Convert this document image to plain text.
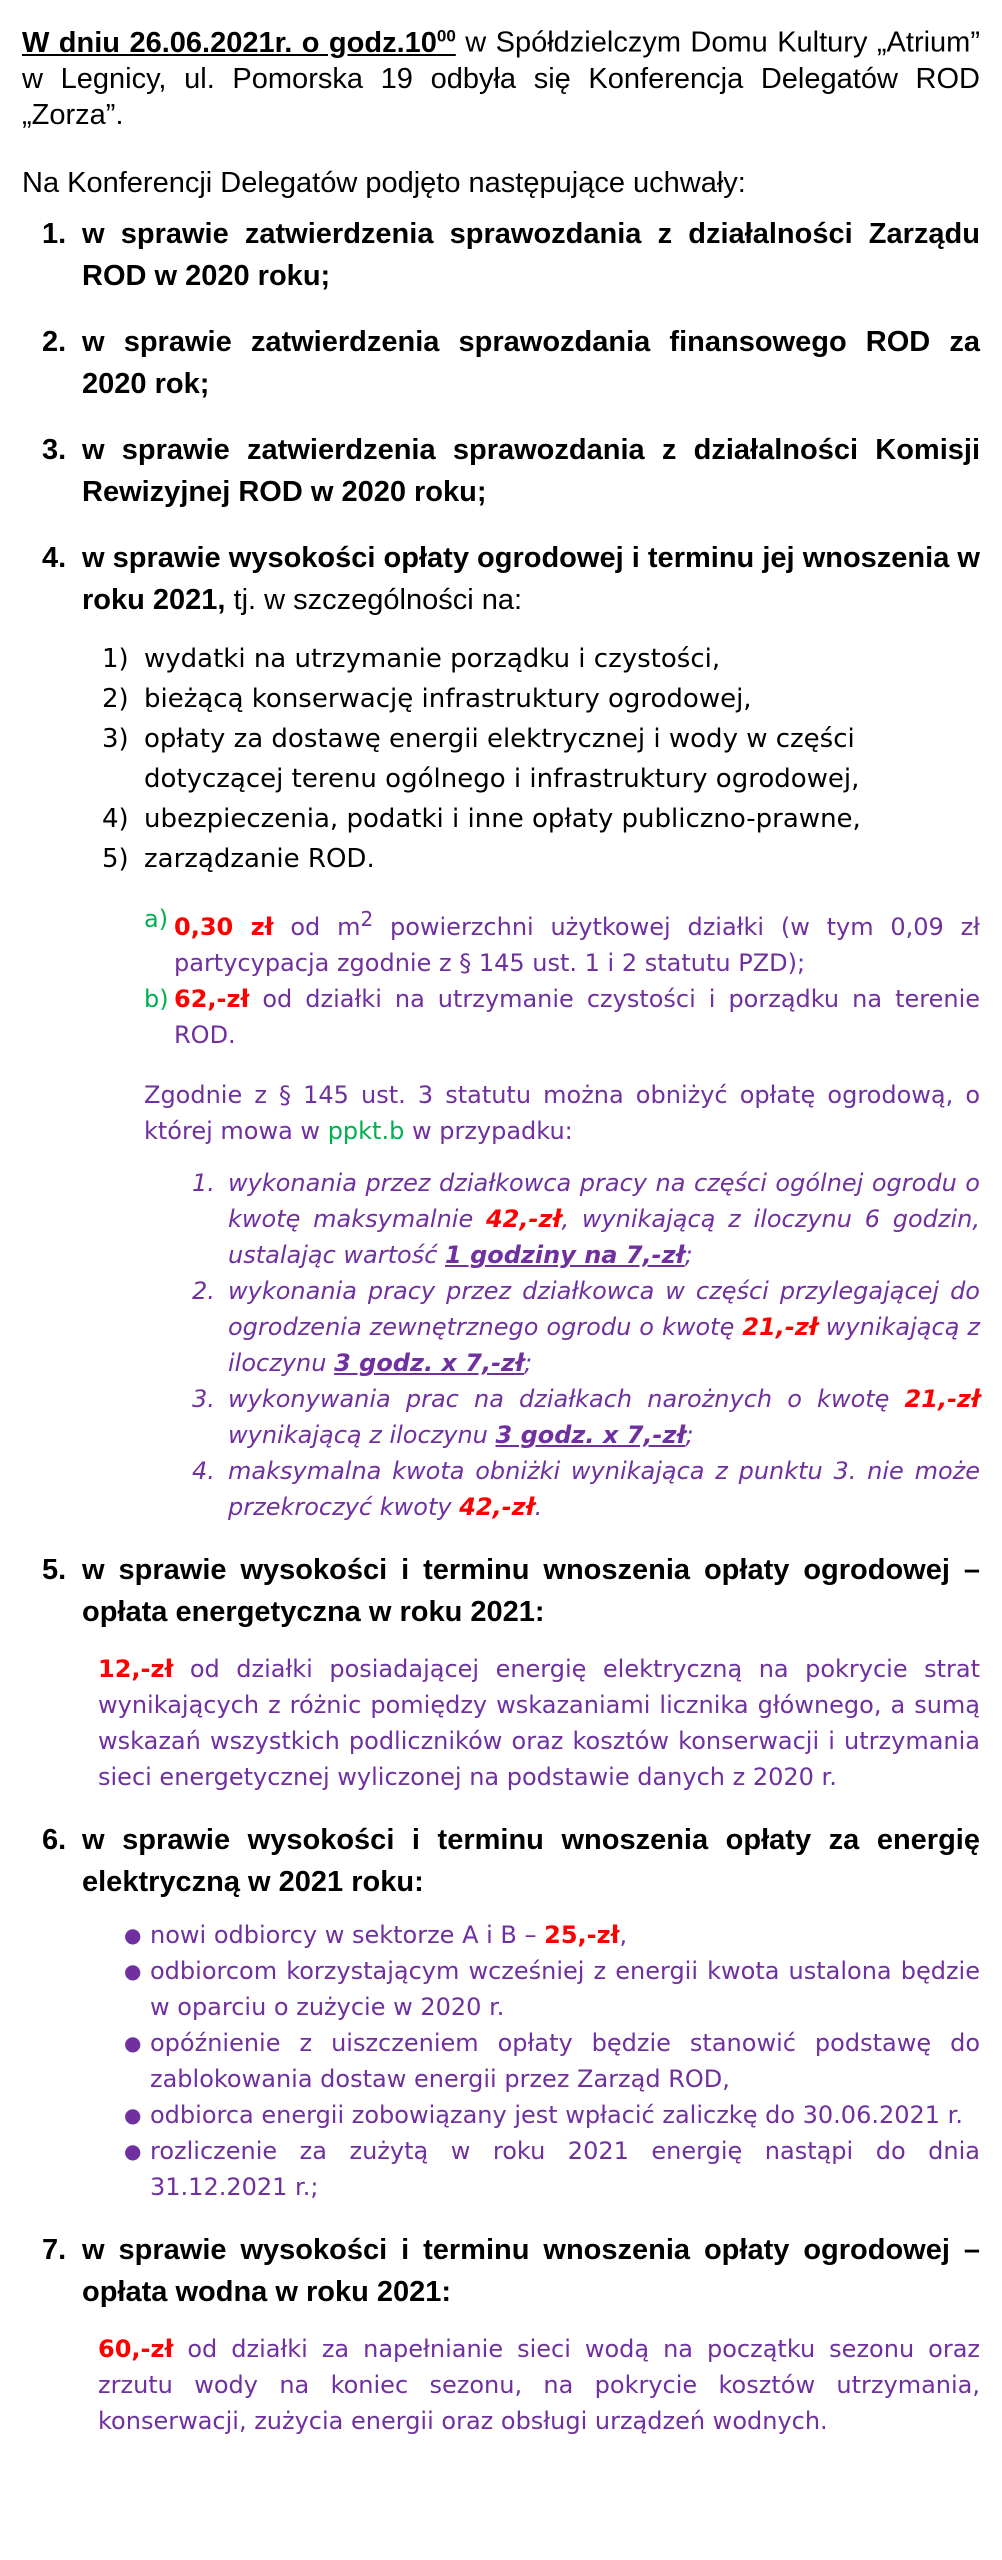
W dniu 26.06.2021r. o $godz.10^{00}$ w Spółdzielczym Domu Kultury „Atrium” w Legnicy, ul. Pomorska 19 odbyła się Konferencja Delegatów ROD „Zorza”.

Na Konferencji Delegatów podjęto następujące uchwały:

1. w sprawie zatwierdzenia sprawozdania z działalności Zarządu ROD w 2020 roku;

2. w sprawie zatwierdzenia sprawozdania finansowego ROD za 2020 rok;

3. w sprawie zatwierdzenia sprawozdania z działalności Komisji Rewizyjnej ROD w 2020 roku;

4. w sprawie wysokości opłaty ogrodowej i terminu jej wnoszenia w roku 2021, tj. w szczególności na:

1) wydatki na utrzymanie porządku i czystości,
2) bieżącą konserwację infrastruktury ogrodowej,
3) opłaty za dostawę energii elektrycznej i wody w części dotyczącej terenu ogólnego i infrastruktury ogrodowej,
4) ubezpieczenia, podatki i inne opłaty publiczno-prawne,
5) zarządzanie ROD.
a) 0,30 zł od $m^2$ powierzchni użytkowej działki (w tym 0,09 zł partycypacja zgodnie z § 145 ust. 1 i 2 statutu PZD);
b) 62,-zł od działki na utrzymanie czystości i porządku na terenie ROD.

Zgodnie z § 145 ust. 3 statutu można obniżyć opłatę ogrodową, o której mowa w ppkt.b w przypadku:

1. wykonania przez działkowca pracy na części ogólnej ogrodu o kwotę maksymalnie 42,-zł, wynikającą z iloczynu 6 godzin, ustalając wartość 1 godziny na 7,-zł;
2. wykonania pracy przez działkowca w części przylegającej do ogrodzenia zewnętrznego ogrodu o kwotę 21,-zł wynikającą z iloczynu 3 godz. x 7,-zł;
3. wykonywania prac na działkach narożnych o kwotę 21,-zł wynikającą z iloczynu 3 godz. x 7,-zł;
4. maksymalna kwota obniżki wynikająca z punktu 3. nie może przekroczyć kwoty 42,-zł.
5. w sprawie wysokości i terminu wnoszenia opłaty ogrodowej – opłata energetyczna w roku 2021:

12,-zł od działki posiadającej energię elektryczną na pokrycie strat wynikających z różnic pomiędzy wskazaniami licznika głównego, a sumą wskazań wszystkich podliczników oraz kosztów konserwacji i utrzymania sieci energetycznej wyliczonej na podstawie danych z 2020 r.

6. w sprawie wysokości i terminu wnoszenia opłaty za energię elektryczną w 2021 roku:

● nowi odbiorcy w sektorze A i B – 25,-zł,
● odbiorcom korzystającym wcześniej z energii kwota ustalona będzie w oparciu o zużycie w 2020 r.
● opóźnienie z uiszczeniem opłaty będzie stanowić podstawę do zablokowania dostaw energii przez Zarząd ROD,
● odbiorca energii zobowiązany jest wpłacić zaliczkę do 30.06.2021 r.
● rozliczenie za zużytą w roku 2021 energię nastąpi do dnia 31.12.2021 r.;
7. w sprawie wysokości i terminu wnoszenia opłaty ogrodowej – opłata wodna w roku 2021:

60,-zł od działki za napełnianie sieci wodą na początku sezonu oraz zrzutu wody na koniec sezonu, na pokrycie kosztów utrzymania, konserwacji, zużycia energii oraz obsługi urządzeń wodnych.
